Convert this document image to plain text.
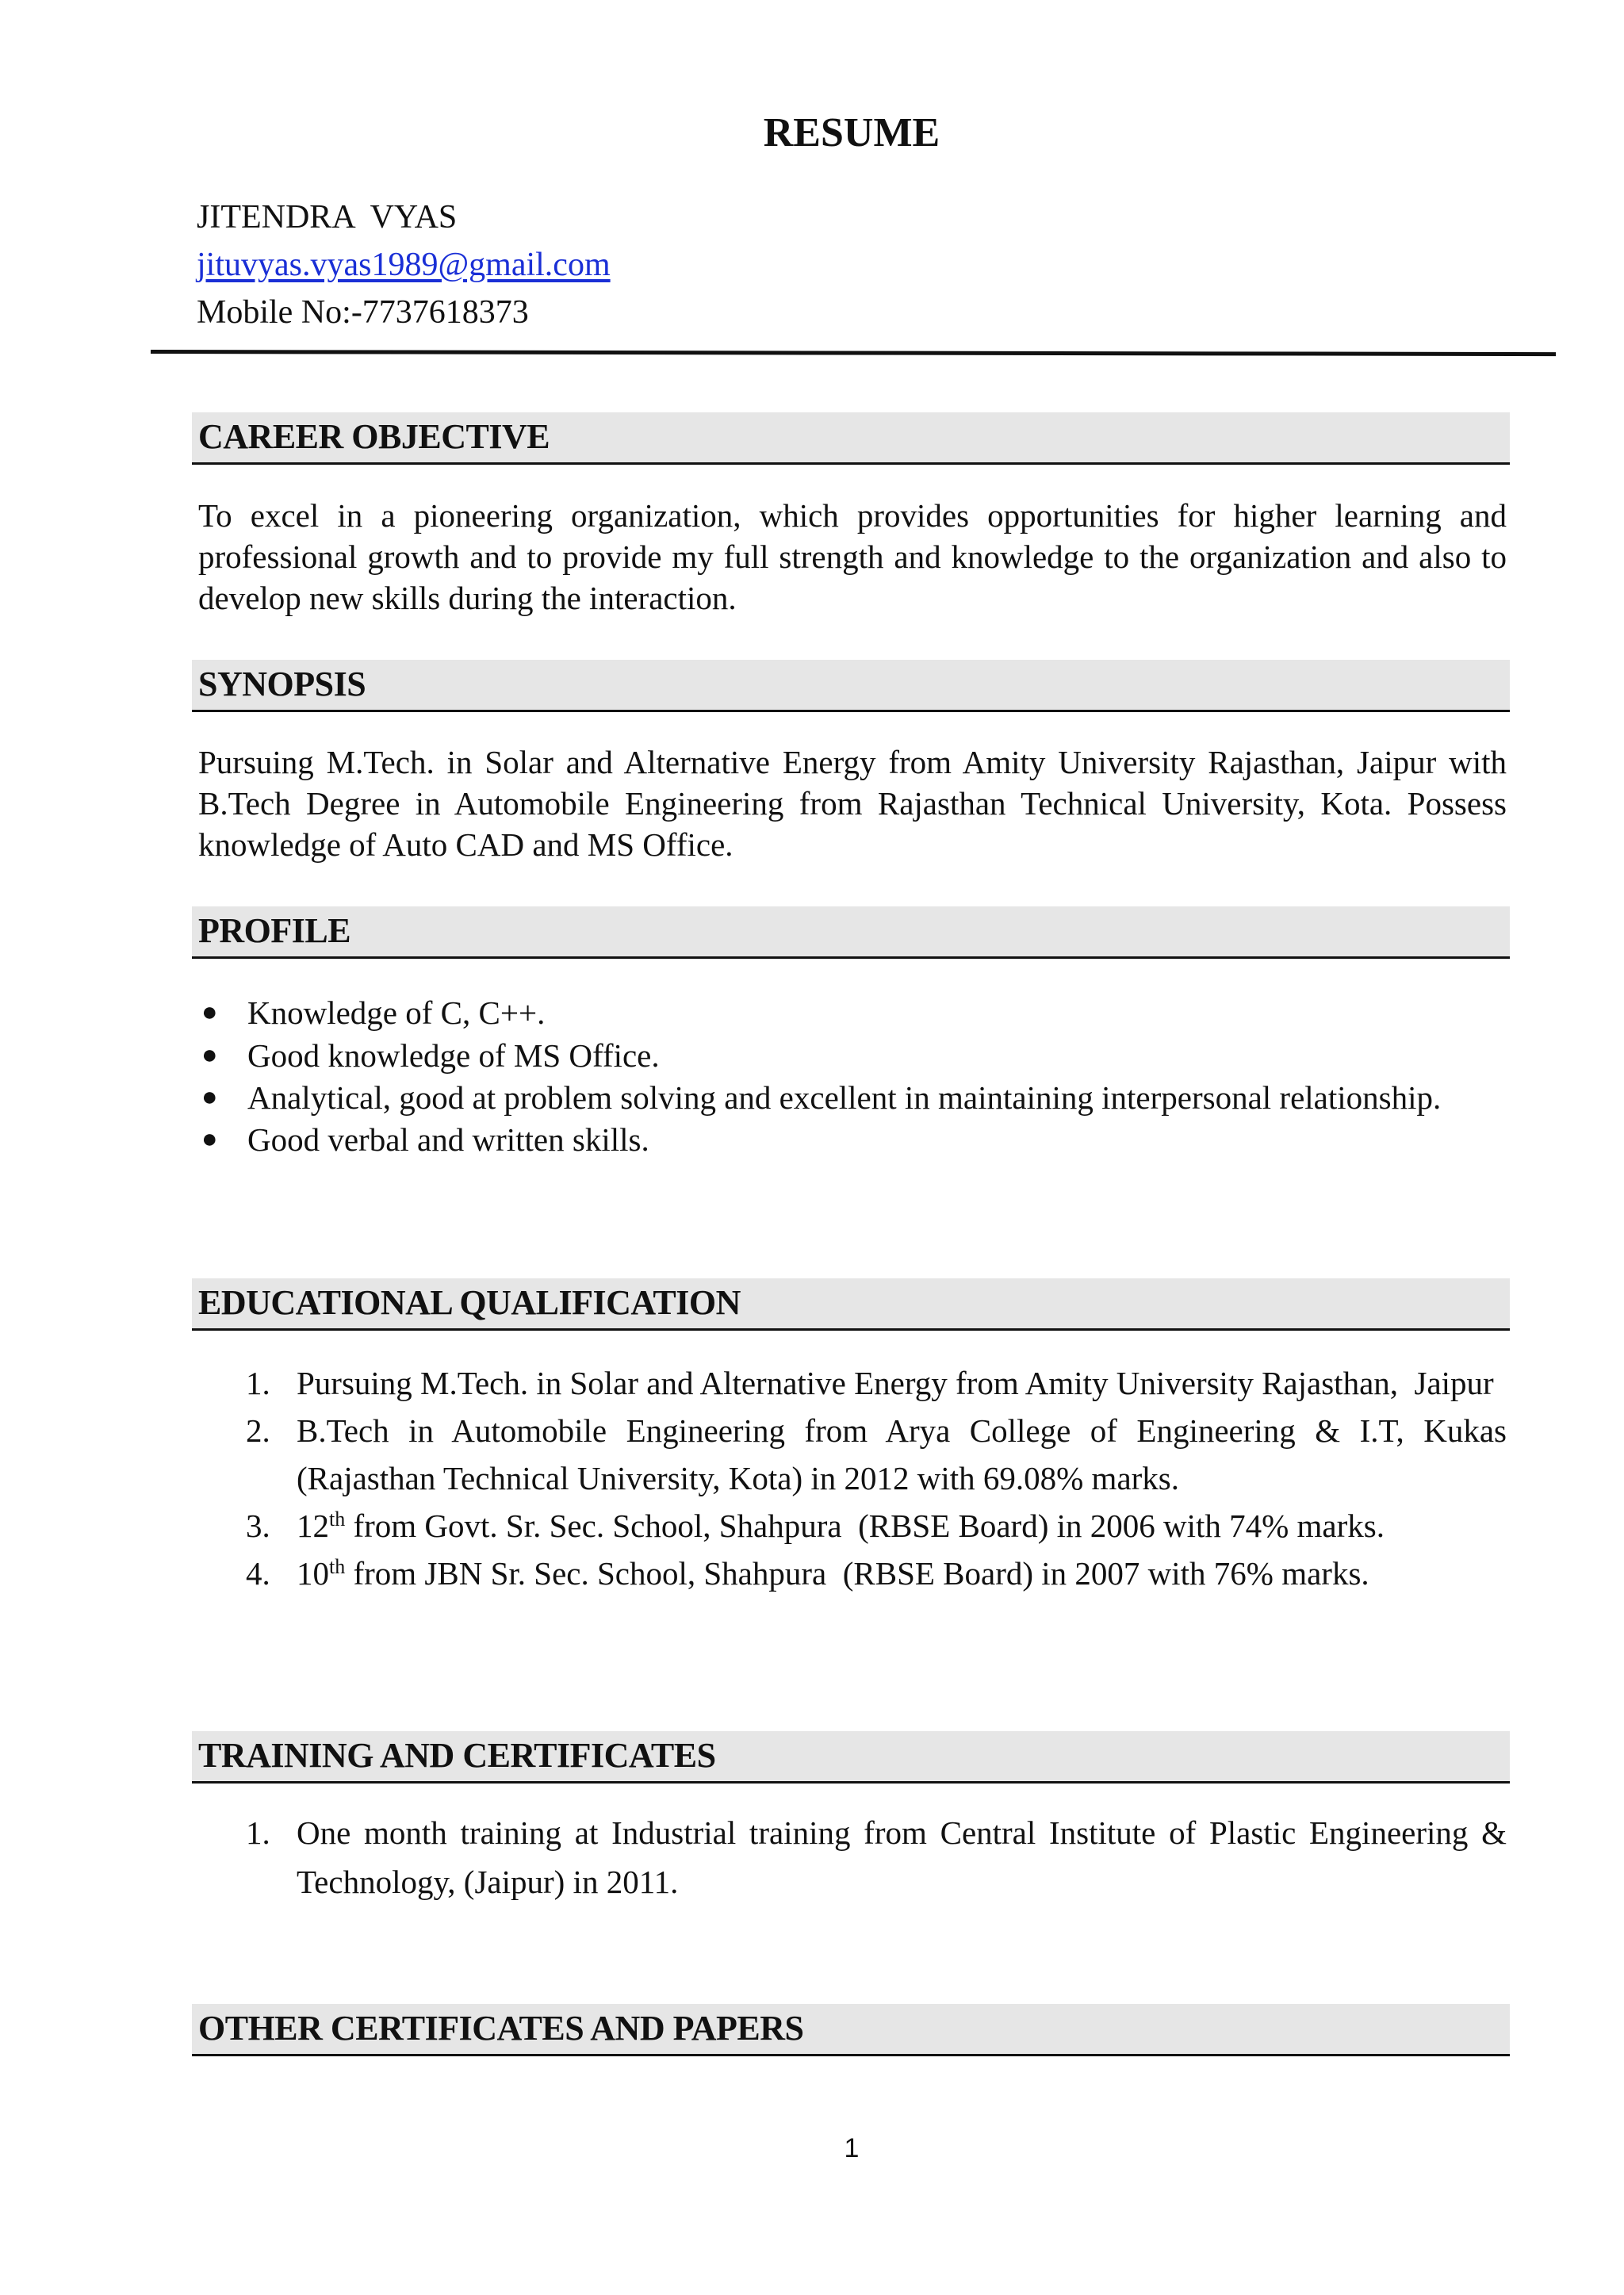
RESUME
JITENDRA  VYAS
jituvyas.vyas1989@gmail.com
Mobile No:-7737618373
CAREER OBJECTIVE
To excel in a pioneering organization, which provides opportunities for higher learning and professional growth and to provide my full strength and knowledge to the organization and also to develop new skills during the interaction.
SYNOPSIS
Pursuing M.Tech. in Solar and Alternative Energy from Amity University Rajasthan, Jaipur with B.Tech Degree in Automobile Engineering from Rajasthan Technical University, Kota. Possess knowledge of Auto CAD and MS Office.
PROFILE
● Knowledge of C, C++.
● Good knowledge of MS Office.
● Analytical, good at problem solving and excellent in maintaining interpersonal relationship.
● Good verbal and written skills.
EDUCATIONAL QUALIFICATION
1. Pursuing M.Tech. in Solar and Alternative Energy from Amity University Rajasthan,  Jaipur
2. B.Tech in Automobile Engineering from Arya College of Engineering & I.T, Kukas (Rajasthan Technical University, Kota) in 2012 with 69.08% marks.
3. 12th from Govt. Sr. Sec. School, Shahpura  (RBSE Board) in 2006 with 74% marks.
4. 10th from JBN Sr. Sec. School, Shahpura  (RBSE Board) in 2007 with 76% marks.
TRAINING AND CERTIFICATES
1. One month training at Industrial training from Central Institute of Plastic Engineering & Technology, (Jaipur) in 2011.
OTHER CERTIFICATES AND PAPERS
1
